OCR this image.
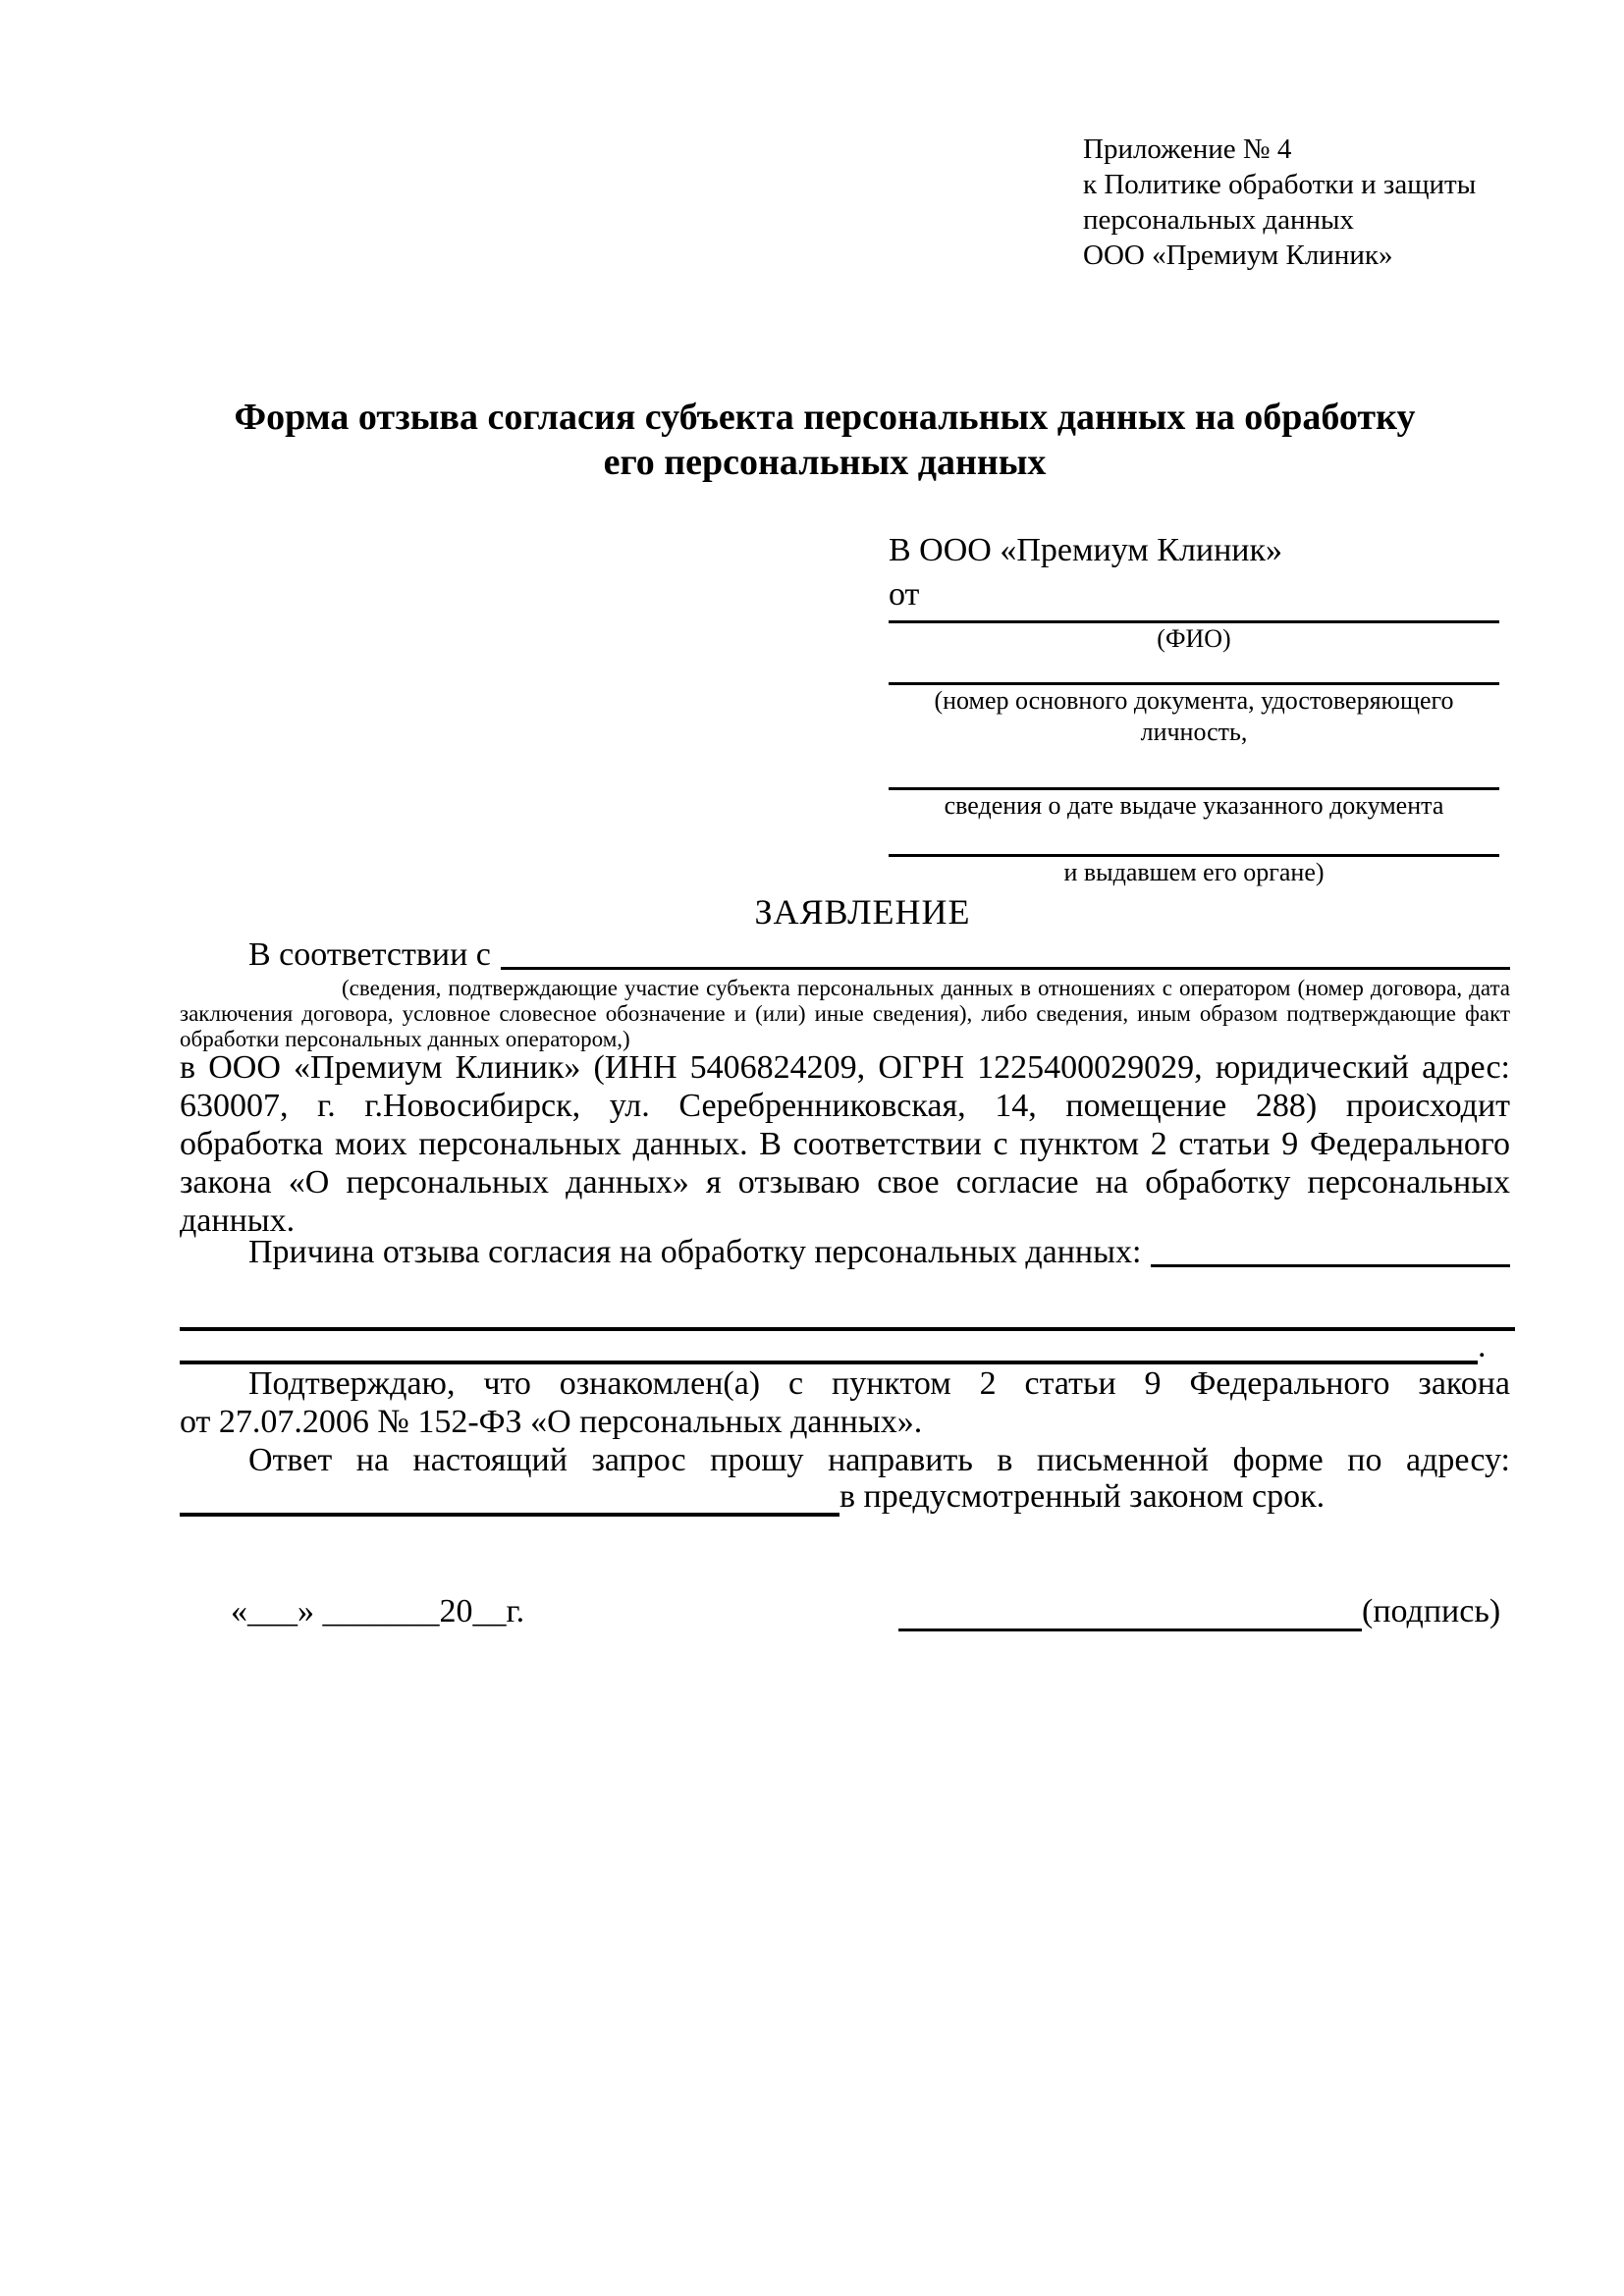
Приложение № 4
к Политике обработки и защиты
персональных данных
ООО «Премиум Клиник»
Форма отзыва согласия субъекта персональных данных на обработку
его персональных данных
В ООО «Премиум Клиник»
от
(ФИО)
(номер основного документа, удостоверяющего личность,
сведения о дате выдаче указанного документа
и выдавшем его органе)
ЗАЯВЛЕНИЕ
В соответствии с
(сведения, подтверждающие участие субъекта персональных данных в отношениях с оператором (номер договора, дата
заключения договора, условное словесное обозначение и (или) иные сведения), либо сведения, иным образом подтверждающие факт
обработки персональных данных оператором,)
в ООО «Премиум Клиник» (ИНН 5406824209, ОГРН 1225400029029, юридический адрес:
630007, г. г.Новосибирск, ул. Серебренниковская, 14, помещение 288) происходит
обработка моих персональных данных. В соответствии с пунктом 2 статьи 9 Федерального
закона «О персональных данных» я отзываю свое согласие на обработку персональных
данных.
Причина отзыва согласия на обработку персональных данных:
.
Подтверждаю, что ознакомлен(а) с пунктом 2 статьи 9 Федерального закона
от 27.07.2006 № 152-ФЗ «О персональных данных».
Ответ на настоящий запрос прошу направить в письменной форме по адресу:
в предусмотренный законом срок.
«___» _______20__г.	(подпись)
